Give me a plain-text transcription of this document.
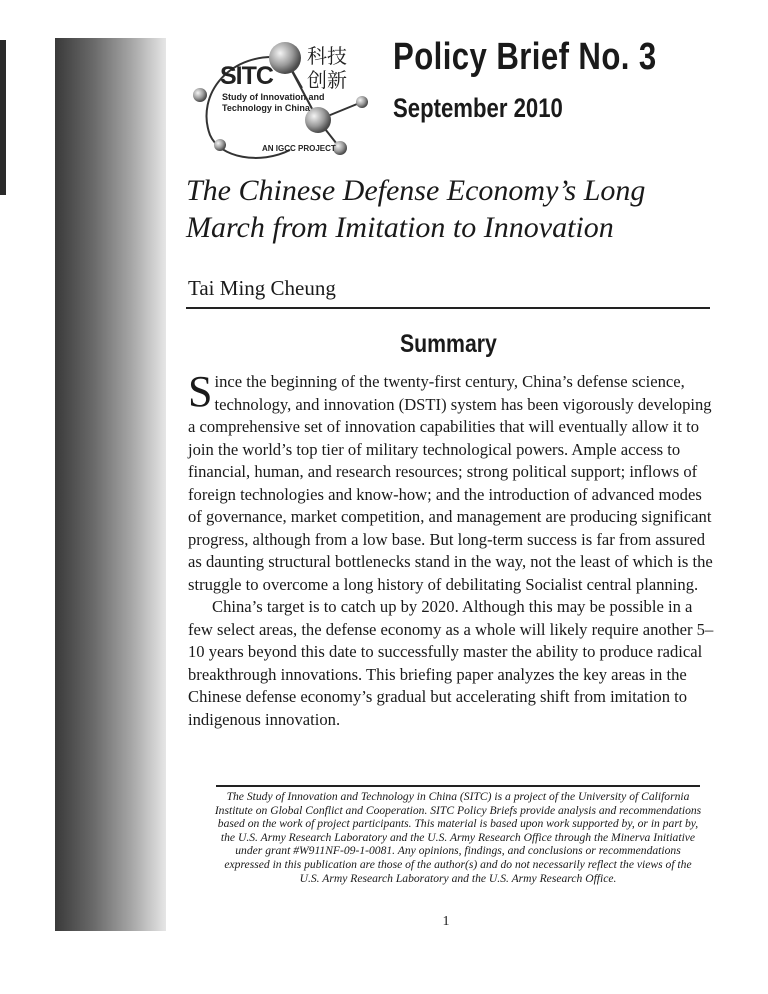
SITC
Study of Innovation and Technology in China
科技
创新
AN IGCC PROJECT
Policy Brief No. 3
September 2010
The Chinese Defense Economy’s Long March from Imitation to Innovation
Tai Ming Cheung
Summary

Since the beginning of the twenty-first century, China’s defense science, technology, and innovation (DSTI) system has been vigorously developing a comprehensive set of innovation capabilities that will eventually allow it to join the world’s top tier of military technological powers. Ample access to financial, human, and research resources; strong political support; inflows of foreign technologies and know-how; and the introduction of advanced modes of governance, market competition, and management are producing significant progress, although from a low base. But long-term success is far from assured as daunting structural bottlenecks stand in the way, not the least of which is the struggle to overcome a long history of debilitating Socialist central planning.

China’s target is to catch up by 2020. Although this may be possible in a few select areas, the defense economy as a whole will likely require another 5–10 years beyond this date to successfully master the ability to produce radical breakthrough innovations. This briefing paper analyzes the key areas in the Chinese defense economy’s gradual but accelerating shift from imitation to indigenous innovation.

The Study of Innovation and Technology in China (SITC) is a project of the University of California Institute on Global Conflict and Cooperation. SITC Policy Briefs provide analysis and recommendations based on the work of project participants. This material is based upon work supported by, or in part by, the U.S. Army Research Laboratory and the U.S. Army Research Office through the Minerva Initiative under grant #W911NF-09-1-0081. Any opinions, findings, and conclusions or recommendations expressed in this publication are those of the author(s) and do not necessarily reflect the views of the U.S. Army Research Laboratory and the U.S. Army Research Office.
1
